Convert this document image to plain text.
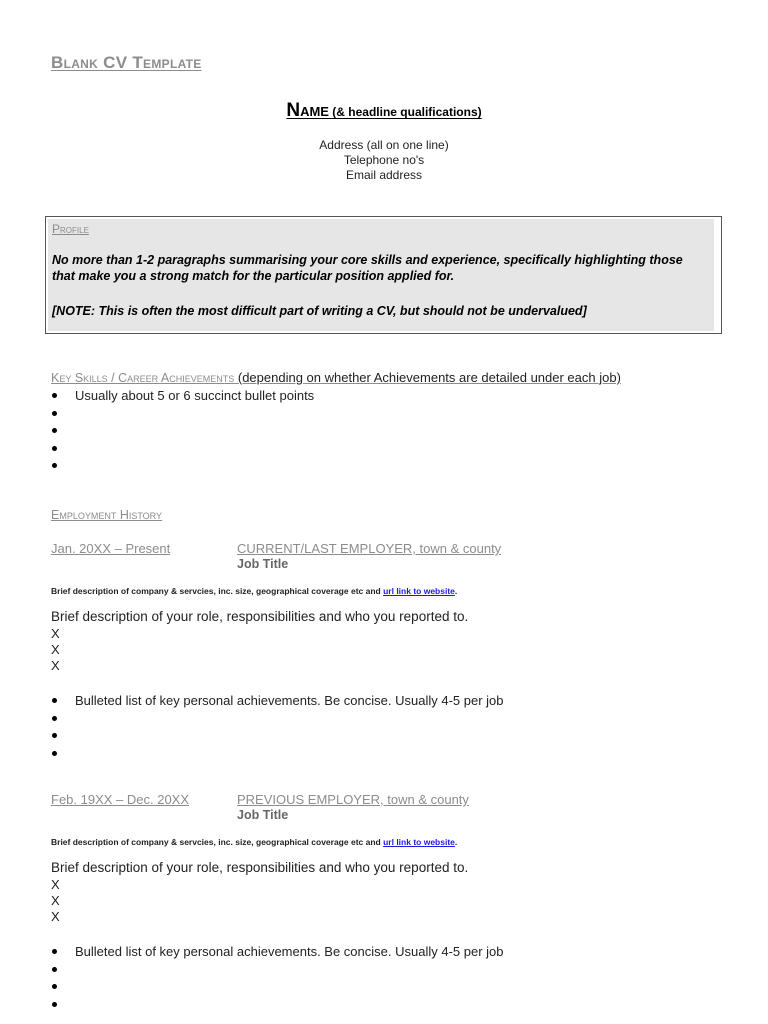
Blank CV Template
Name (& headline qualifications)
Address (all on one line)
Telephone no's
Email address
Profile
No more than 1-2 paragraphs summarising your core skills and experience, specifically highlighting those that make you a strong match for the particular position applied for.
[NOTE: This is often the most difficult part of writing a CV, but should not be undervalued]
Key Skills / Career Achievements (depending on whether Achievements are detailed under each job)
Usually about 5 or 6 succinct bullet points
Employment History
Jan. 20XX – Present	CURRENT/LAST EMPLOYER, town & county
Job Title
Brief description of company & servcies, inc. size, geographical coverage etc and url link to website.
Brief description of your role, responsibilities and who you reported to.
X
X
X
Bulleted list of key personal achievements. Be concise. Usually 4-5 per job
Feb. 19XX – Dec. 20XX	PREVIOUS EMPLOYER, town & county
Job Title
Brief description of company & servcies, inc. size, geographical coverage etc and url link to website.
Brief description of your role, responsibilities and who you reported to.
X
X
X
Bulleted list of key personal achievements. Be concise. Usually 4-5 per job
